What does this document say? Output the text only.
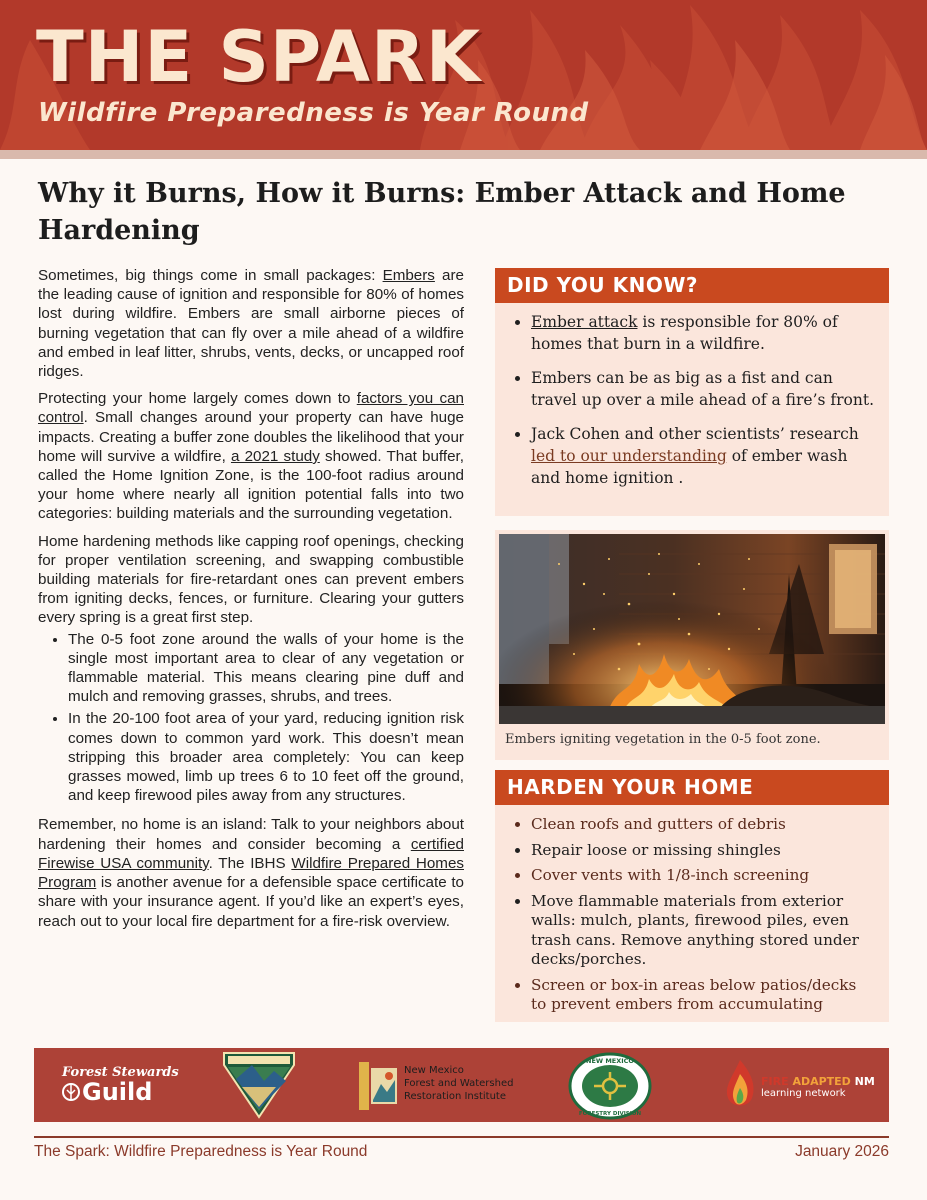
THE SPARK
Wildfire Preparedness is Year Round
Why it Burns, How it Burns: Ember Attack and Home Hardening

Sometimes, big things come in small packages: Embers are the leading cause of ignition and responsible for 80% of homes lost during wildfire. Embers are small airborne pieces of burning vegetation that can fly over a mile ahead of a wildfire and embed in leaf litter, shrubs, vents, decks, or uncapped roof ridges.

Protecting your home largely comes down to factors you can control. Small changes around your property can have huge impacts. Creating a buffer zone doubles the likelihood that your home will survive a wildfire, a 2021 study showed. That buffer, called the Home Ignition Zone, is the 100-foot radius around your home where nearly all ignition potential falls into two categories: building materials and the surrounding vegetation.

Home hardening methods like capping roof openings, checking for proper ventilation screening, and swapping combustible building materials for fire-retardant ones can prevent embers from igniting decks, fences, or furniture. Clearing your gutters every spring is a great first step.

• The 0-5 foot zone around the walls of your home is the single most important area to clear of any vegetation or flammable material. This means clearing pine duff and mulch and removing grasses, shrubs, and trees.
• In the 20-100 foot area of your yard, reducing ignition risk comes down to common yard work. This doesn’t mean stripping this broader area completely: You can keep grasses mowed, limb up trees 6 to 10 feet off the ground, and keep firewood piles away from any structures.

Remember, no home is an island: Talk to your neighbors about hardening their homes and consider becoming a certified Firewise USA community. The IBHS Wildfire Prepared Homes Program is another avenue for a defensible space certificate to share with your insurance agent. If you’d like an expert’s eyes, reach out to your local fire department for a fire-risk overview.

DID YOU KNOW?
• Ember attack is responsible for 80% of homes that burn in a wildfire.
• Embers can be as big as a fist and can travel up over a mile ahead of a fire’s front.
• Jack Cohen and other scientists’ research led to our understanding of ember wash and home ignition .
Embers igniting vegetation in the 0-5 foot zone.
HARDEN YOUR HOME
• Clean roofs and gutters of debris
• Repair loose or missing shingles
• Cover vents with 1/8-inch screening
• Move flammable materials from exterior walls: mulch, plants, firewood piles, even trash cans. Remove anything stored under decks/porches.
• Screen or box-in areas below patios/decks to prevent embers from accumulating
Forest Stewards
Guild
New Mexico
Forest and Watershed
Restoration Institute
NEW MEXICO
FORESTRY DIVISION
FIRE ADAPTED NM
learning network
The Spark: Wildfire Preparedness is Year Round	January 2026
